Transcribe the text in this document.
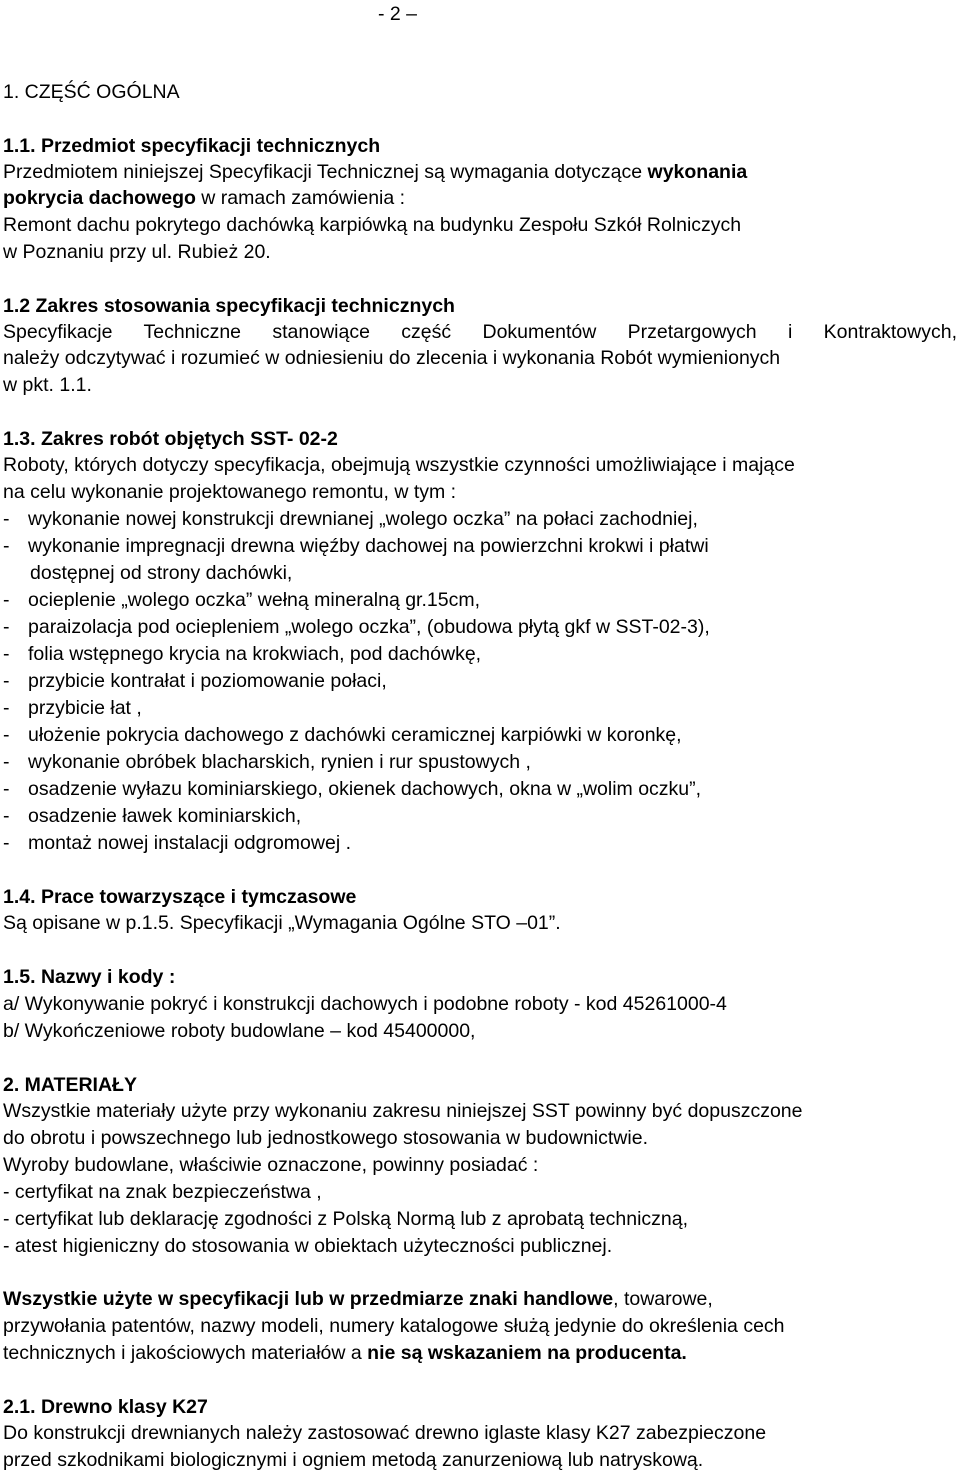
- 2 –
1. CZĘŚĆ OGÓLNA
1.1. Przedmiot specyfikacji technicznych
Przedmiotem niniejszej Specyfikacji Technicznej są wymagania dotyczące wykonania
pokrycia dachowego w ramach zamówienia :
Remont dachu pokrytego dachówką karpiówką na budynku Zespołu Szkół Rolniczych
w Poznaniu przy ul. Rubież 20.
1.2 Zakres stosowania specyfikacji technicznych
Specyfikacje Techniczne stanowiące część Dokumentów Przetargowych i Kontraktowych,
należy odczytywać i rozumieć w odniesieniu do zlecenia i wykonania Robót wymienionych
w pkt. 1.1.
1.3. Zakres robót objętych SST- 02-2
Roboty, których dotyczy specyfikacja, obejmują wszystkie czynności umożliwiające i mające
na celu wykonanie projektowanego remontu, w tym :
- wykonanie nowej konstrukcji drewnianej „wolego oczka” na połaci zachodniej,
- wykonanie impregnacji drewna więźby dachowej na powierzchni krokwi i płatwi
dostępnej od strony dachówki,
- ocieplenie „wolego oczka” wełną mineralną gr.15cm,
- paraizolacja pod ociepleniem „wolego oczka”, (obudowa płytą gkf w SST-02-3),
- folia wstępnego krycia na krokwiach, pod dachówkę,
- przybicie kontrałat i poziomowanie połaci,
- przybicie łat ,
- ułożenie pokrycia dachowego z dachówki ceramicznej karpiówki w koronkę,
- wykonanie obróbek blacharskich, rynien i rur spustowych ,
- osadzenie wyłazu kominiarskiego, okienek dachowych, okna w „wolim oczku”,
- osadzenie ławek kominiarskich,
- montaż nowej instalacji odgromowej .
1.4. Prace towarzyszące i tymczasowe
Są opisane w p.1.5. Specyfikacji „Wymagania Ogólne STO –01”.
1.5. Nazwy i kody :
a/ Wykonywanie pokryć i konstrukcji dachowych i podobne roboty - kod 45261000-4
b/ Wykończeniowe roboty budowlane – kod 45400000,
2. MATERIAŁY
Wszystkie materiały użyte przy wykonaniu zakresu niniejszej SST powinny być dopuszczone
do obrotu i powszechnego lub jednostkowego stosowania w budownictwie.
Wyroby budowlane, właściwie oznaczone, powinny posiadać :
- certyfikat na znak bezpieczeństwa ,
- certyfikat lub deklarację zgodności z Polską Normą lub z aprobatą techniczną,
- atest higieniczny do stosowania w obiektach użyteczności publicznej.
Wszystkie użyte w specyfikacji lub w przedmiarze znaki handlowe, towarowe,
przywołania patentów, nazwy modeli, numery katalogowe służą jedynie do określenia cech
technicznych i jakościowych materiałów a nie są wskazaniem na producenta.
2.1. Drewno klasy K27
Do konstrukcji drewnianych należy zastosować drewno iglaste klasy K27 zabezpieczone
przed szkodnikami biologicznymi i ogniem metodą zanurzeniową lub natryskową.
